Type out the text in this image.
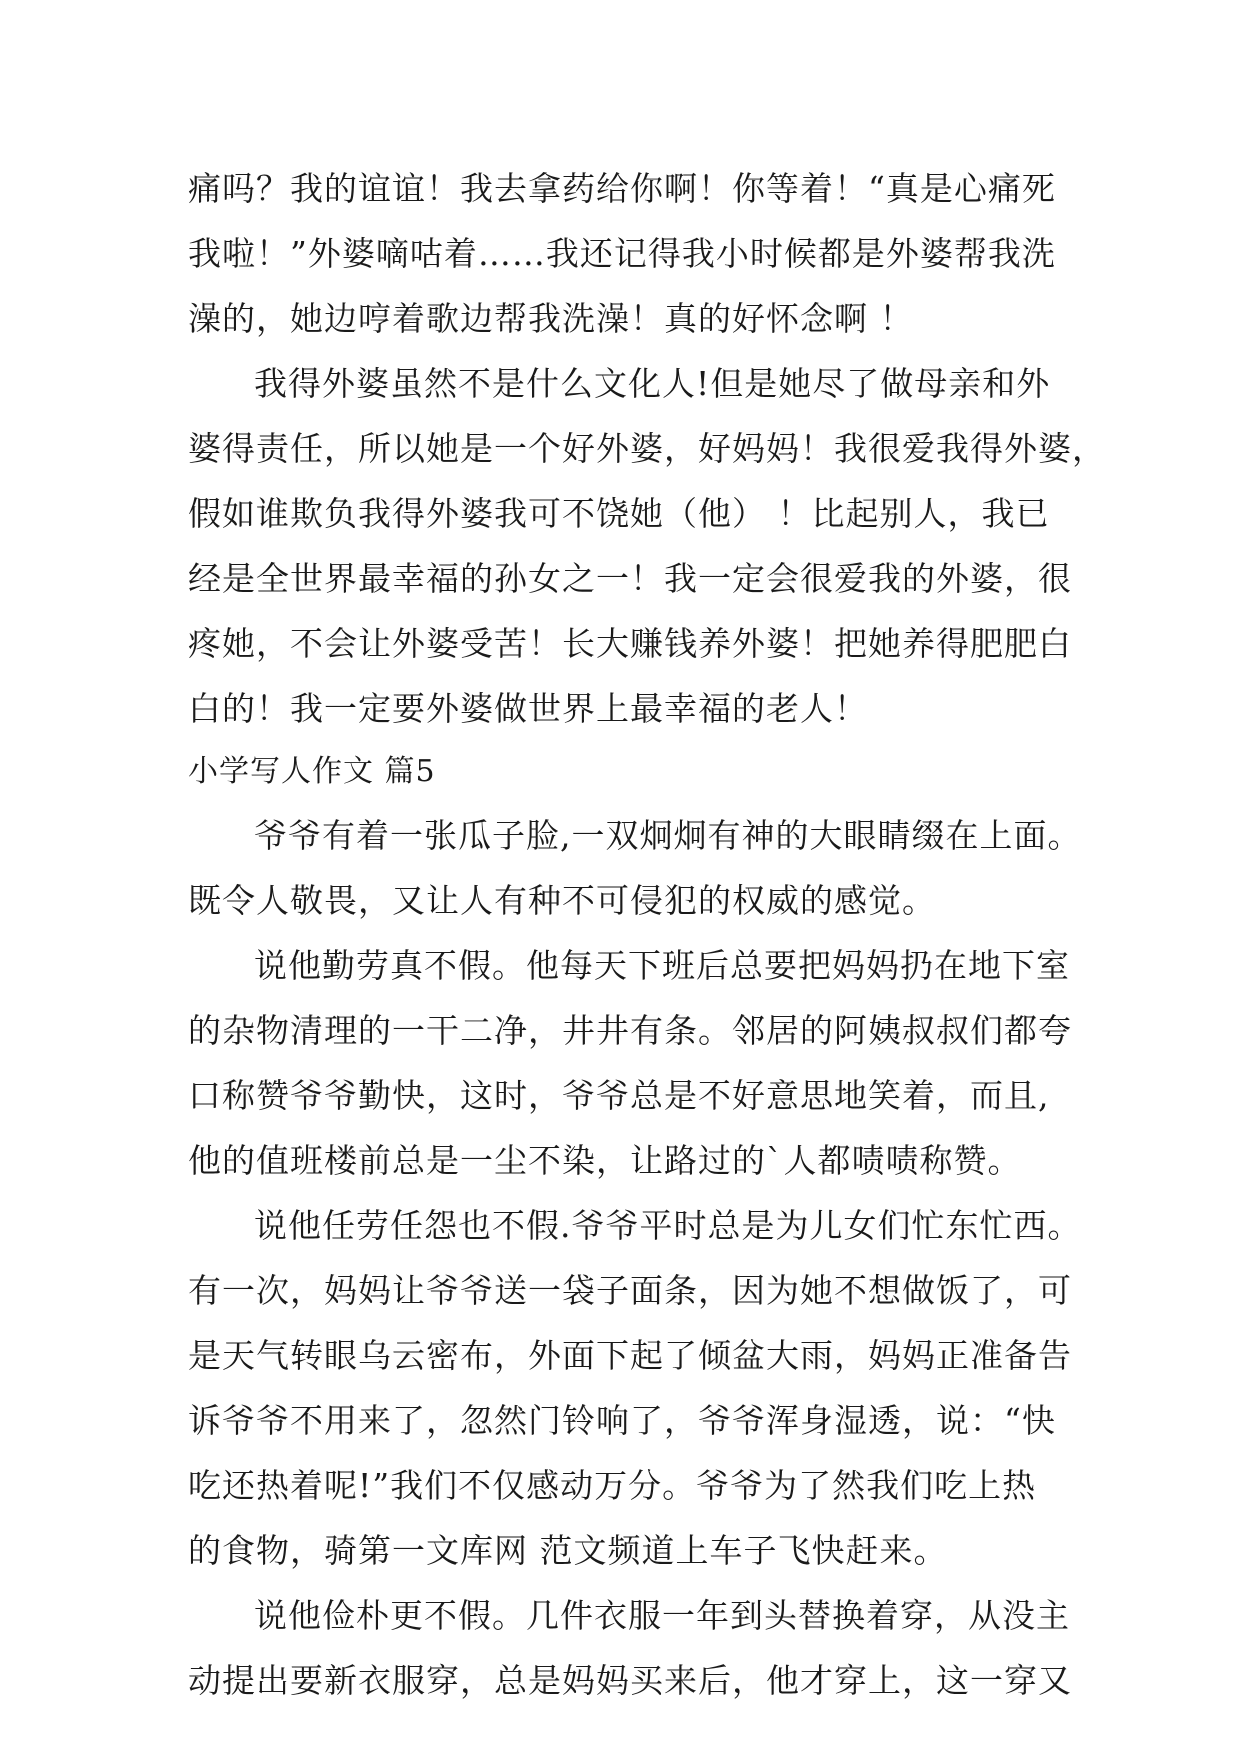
痛吗？我的谊谊！我去拿药给你啊！你等着！“真是心痛死
我啦！”外婆嘀咕着……我还记得我小时候都是外婆帮我洗
澡的，她边哼着歌边帮我洗澡！真的好怀念啊 ！
我得外婆虽然不是什么文化人!但是她尽了做母亲和外
婆得责任，所以她是一个好外婆，好妈妈！我很爱我得外婆，
假如谁欺负我得外婆我可不饶她（他） ！比起别人，我已
经是全世界最幸福的孙女之一！我一定会很爱我的外婆，很
疼她，不会让外婆受苦！长大赚钱养外婆！把她养得肥肥白
白的！我一定要外婆做世界上最幸福的老人！
小学写人作文 篇5
爷爷有着一张瓜子脸,一双炯炯有神的大眼睛缀在上面。
既令人敬畏，又让人有种不可侵犯的权威的感觉。
说他勤劳真不假。他每天下班后总要把妈妈扔在地下室
的杂物清理的一干二净，井井有条。邻居的阿姨叔叔们都夸
口称赞爷爷勤快，这时，爷爷总是不好意思地笑着，而且,
他的值班楼前总是一尘不染，让路过的`人都啧啧称赞。
说他任劳任怨也不假.爷爷平时总是为儿女们忙东忙西。
有一次，妈妈让爷爷送一袋子面条，因为她不想做饭了，可
是天气转眼乌云密布，外面下起了倾盆大雨，妈妈正准备告
诉爷爷不用来了，忽然门铃响了，爷爷浑身湿透，说：“快
吃还热着呢!”我们不仅感动万分。爷爷为了然我们吃上热
的食物，骑第一文库网 范文频道上车子飞快赶来。
说他俭朴更不假。几件衣服一年到头替换着穿，从没主
动提出要新衣服穿，总是妈妈买来后，他才穿上，这一穿又
